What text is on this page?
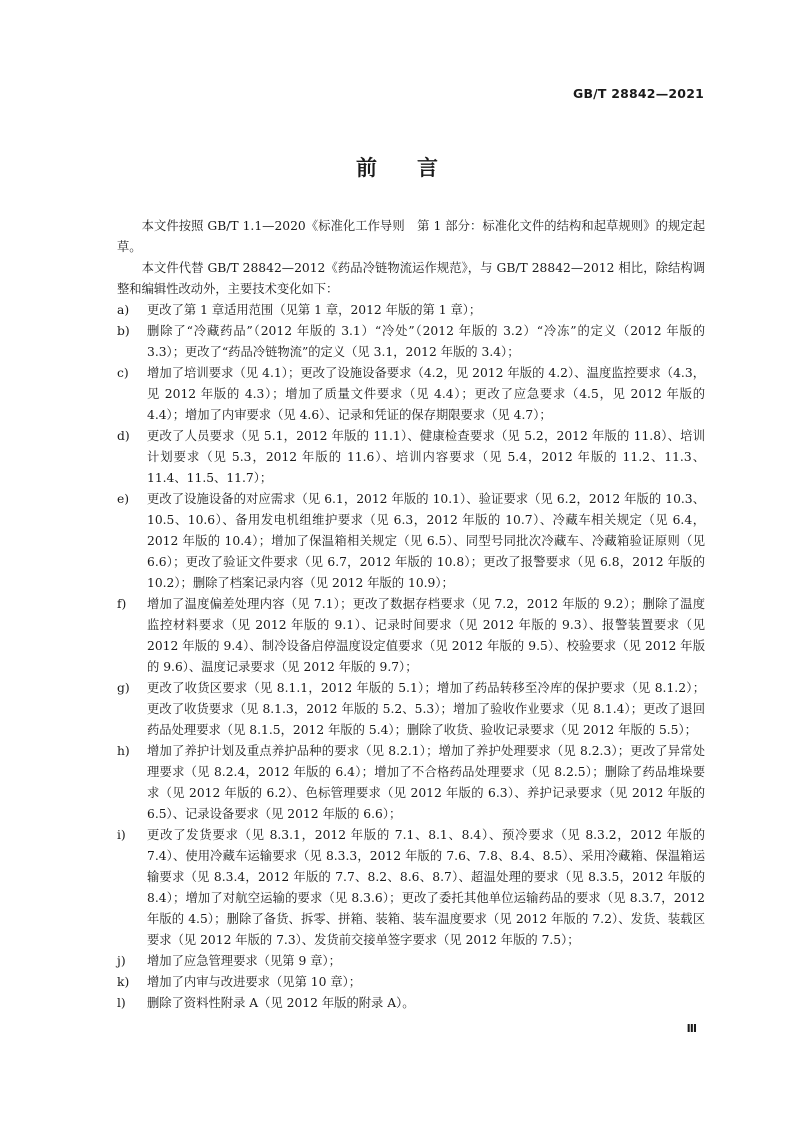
GB/T 28842—2021
前言

本文件按照 GB/T 1.1—2020《标准化工作导则　第 1 部分：标准化文件的结构和起草规则》的规定起草。

本文件代替 GB/T 28842—2012《药品冷链物流运作规范》，与 GB/T 28842—2012 相比，除结构调整和编辑性改动外，主要技术变化如下：

a) 更改了第 1 章适用范围（见第 1 章，2012 年版的第 1 章）；
b) 删除了“冷藏药品”（2012 年版的 3.1）“冷处”（2012 年版的 3.2）“冷冻”的定义（2012 年版的 3.3）；更改了“药品冷链物流”的定义（见 3.1，2012 年版的 3.4）；
c) 增加了培训要求（见 4.1）；更改了设施设备要求（4.2，见 2012 年版的 4.2）、温度监控要求（4.3，见 2012 年版的 4.3）；增加了质量文件要求（见 4.4）；更改了应急要求（4.5，见 2012 年版的4.4）；增加了内审要求（见 4.6）、记录和凭证的保存期限要求（见 4.7）；
d) 更改了人员要求（见 5.1，2012 年版的 11.1）、健康检查要求（见 5.2，2012 年版的 11.8）、培训计划要求（见 5.3，2012 年版的 11.6）、培训内容要求（见 5.4，2012 年版的 11.2、11.3、11.4、11.5、11.7）；
e) 更改了设施设备的对应需求（见 6.1，2012 年版的 10.1）、验证要求（见 6.2，2012 年版的 10.3、10.5、10.6）、备用发电机组维护要求（见 6.3，2012 年版的 10.7）、冷藏车相关规定（见 6.4，2012 年版的 10.4）；增加了保温箱相关规定（见 6.5）、同型号同批次冷藏车、冷藏箱验证原则（见 6.6）；更改了验证文件要求（见 6.7，2012 年版的 10.8）；更改了报警要求（见 6.8，2012 年版的 10.2）；删除了档案记录内容（见 2012 年版的 10.9）；
f) 增加了温度偏差处理内容（见 7.1）；更改了数据存档要求（见 7.2，2012 年版的 9.2）；删除了温度监控材料要求（见 2012 年版的 9.1）、记录时间要求（见 2012 年版的 9.3）、报警装置要求（见 2012 年版的 9.4）、制冷设备启停温度设定值要求（见 2012 年版的 9.5）、校验要求（见 2012 年版的 9.6）、温度记录要求（见 2012 年版的 9.7）；
g) 更改了收货区要求（见 8.1.1，2012 年版的 5.1）；增加了药品转移至冷库的保护要求（见 8.1.2）；更改了收货要求（见 8.1.3，2012 年版的 5.2、5.3）；增加了验收作业要求（见 8.1.4）；更改了退回药品处理要求（见 8.1.5，2012 年版的 5.4）；删除了收货、验收记录要求（见 2012 年版的 5.5）；
h) 增加了养护计划及重点养护品种的要求（见 8.2.1）；增加了养护处理要求（见 8.2.3）；更改了异常处理要求（见 8.2.4，2012 年版的 6.4）；增加了不合格药品处理要求（见 8.2.5）；删除了药品堆垛要求（见 2012 年版的 6.2）、色标管理要求（见 2012 年版的 6.3）、养护记录要求（见 2012 年版的 6.5）、记录设备要求（见 2012 年版的 6.6）；
i) 更改了发货要求（见 8.3.1，2012 年版的 7.1、8.1、8.4）、预冷要求（见 8.3.2，2012 年版的 7.4）、使用冷藏车运输要求（见 8.3.3，2012 年版的 7.6、7.8、8.4、8.5）、采用冷藏箱、保温箱运输要求（见 8.3.4，2012 年版的 7.7、8.2、8.6、8.7）、超温处理的要求（见 8.3.5，2012 年版的 8.4）；增加了对航空运输的要求（见 8.3.6）；更改了委托其他单位运输药品的要求（见 8.3.7，2012 年版的 4.5）；删除了备货、拆零、拼箱、装箱、装车温度要求（见 2012 年版的 7.2）、发货、装载区要求（见 2012 年版的 7.3）、发货前交接单签字要求（见 2012 年版的 7.5）；
j) 增加了应急管理要求（见第 9 章）；
k) 增加了内审与改进要求（见第 10 章）；
l) 删除了资料性附录 A（见 2012 年版的附录 A）。
Ⅲ
